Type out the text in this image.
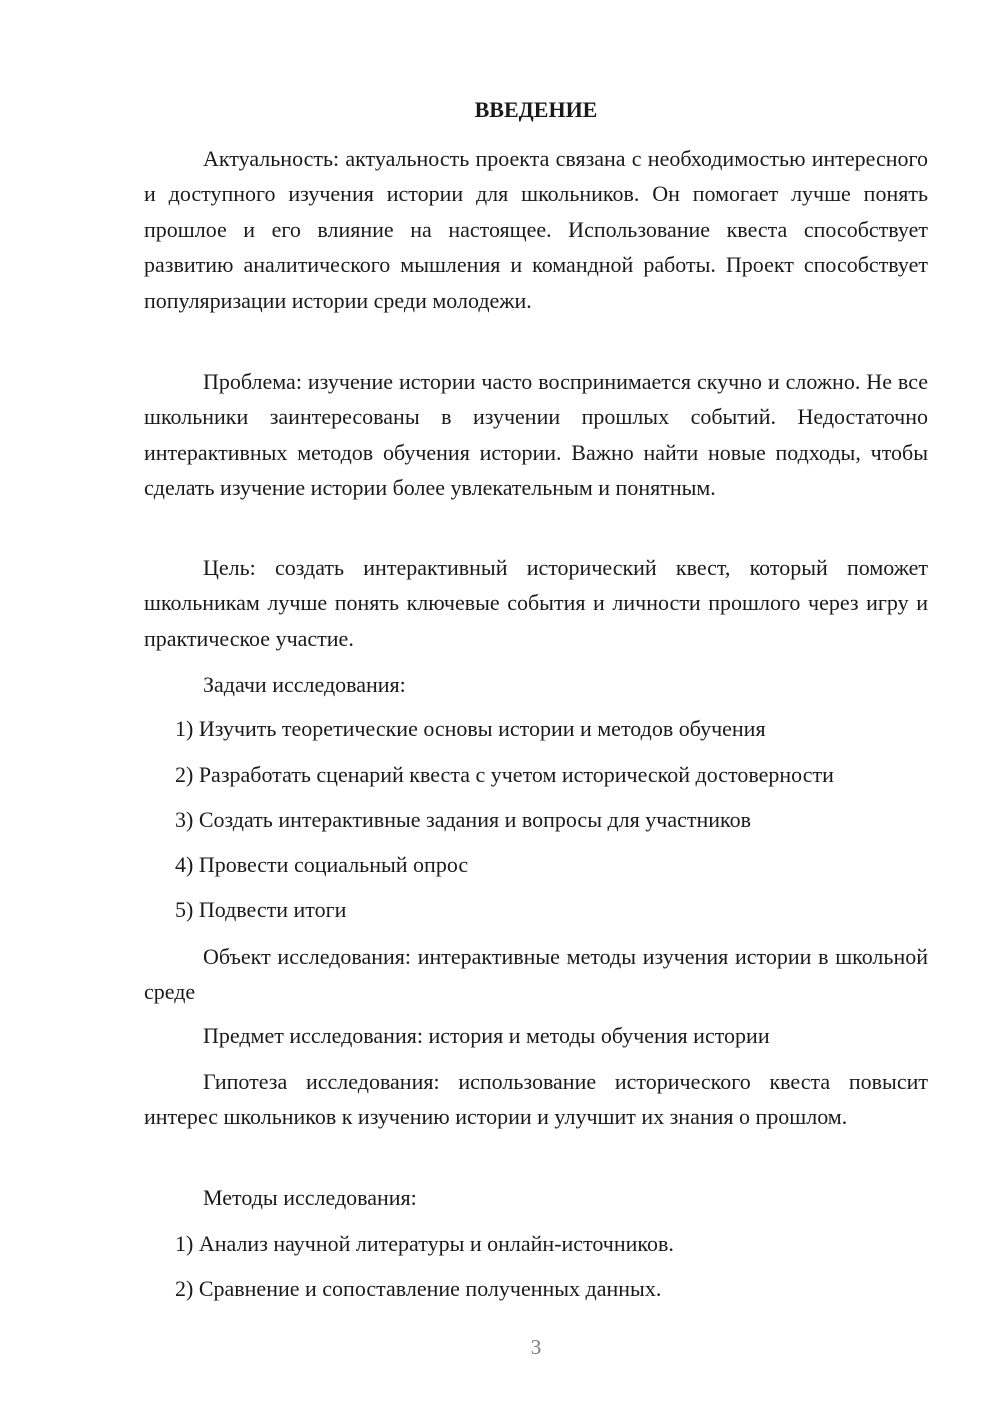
ВВЕДЕНИЕ

Актуальность: актуальность проекта связана с необходимостью интересного и доступного изучения истории для школьников. Он помогает лучше понять прошлое и его влияние на настоящее. Использование квеста способствует развитию аналитического мышления и командной работы. Проект способствует популяризации истории среди молодежи.

Проблема: изучение истории часто воспринимается скучно и сложно. Не все школьники заинтересованы в изучении прошлых событий. Недостаточно интерактивных методов обучения истории. Важно найти новые подходы, чтобы сделать изучение истории более увлекательным и понятным.

Цель: создать интерактивный исторический квест, который поможет школьникам лучше понять ключевые события и личности прошлого через игру и практическое участие.

Задачи исследования:
1) Изучить теоретические основы истории и методов обучения
2) Разработать сценарий квеста с учетом исторической достоверности
3) Создать интерактивные задания и вопросы для участников
4) Провести социальный опрос
5) Подвести итоги

Объект исследования: интерактивные методы изучения истории в школьной среде

Предмет исследования: история и методы обучения истории

Гипотеза исследования: использование исторического квеста повысит интерес школьников к изучению истории и улучшит их знания о прошлом.

Методы исследования:
1) Анализ научной литературы и онлайн-источников.
2) Сравнение и сопоставление полученных данных.
3
